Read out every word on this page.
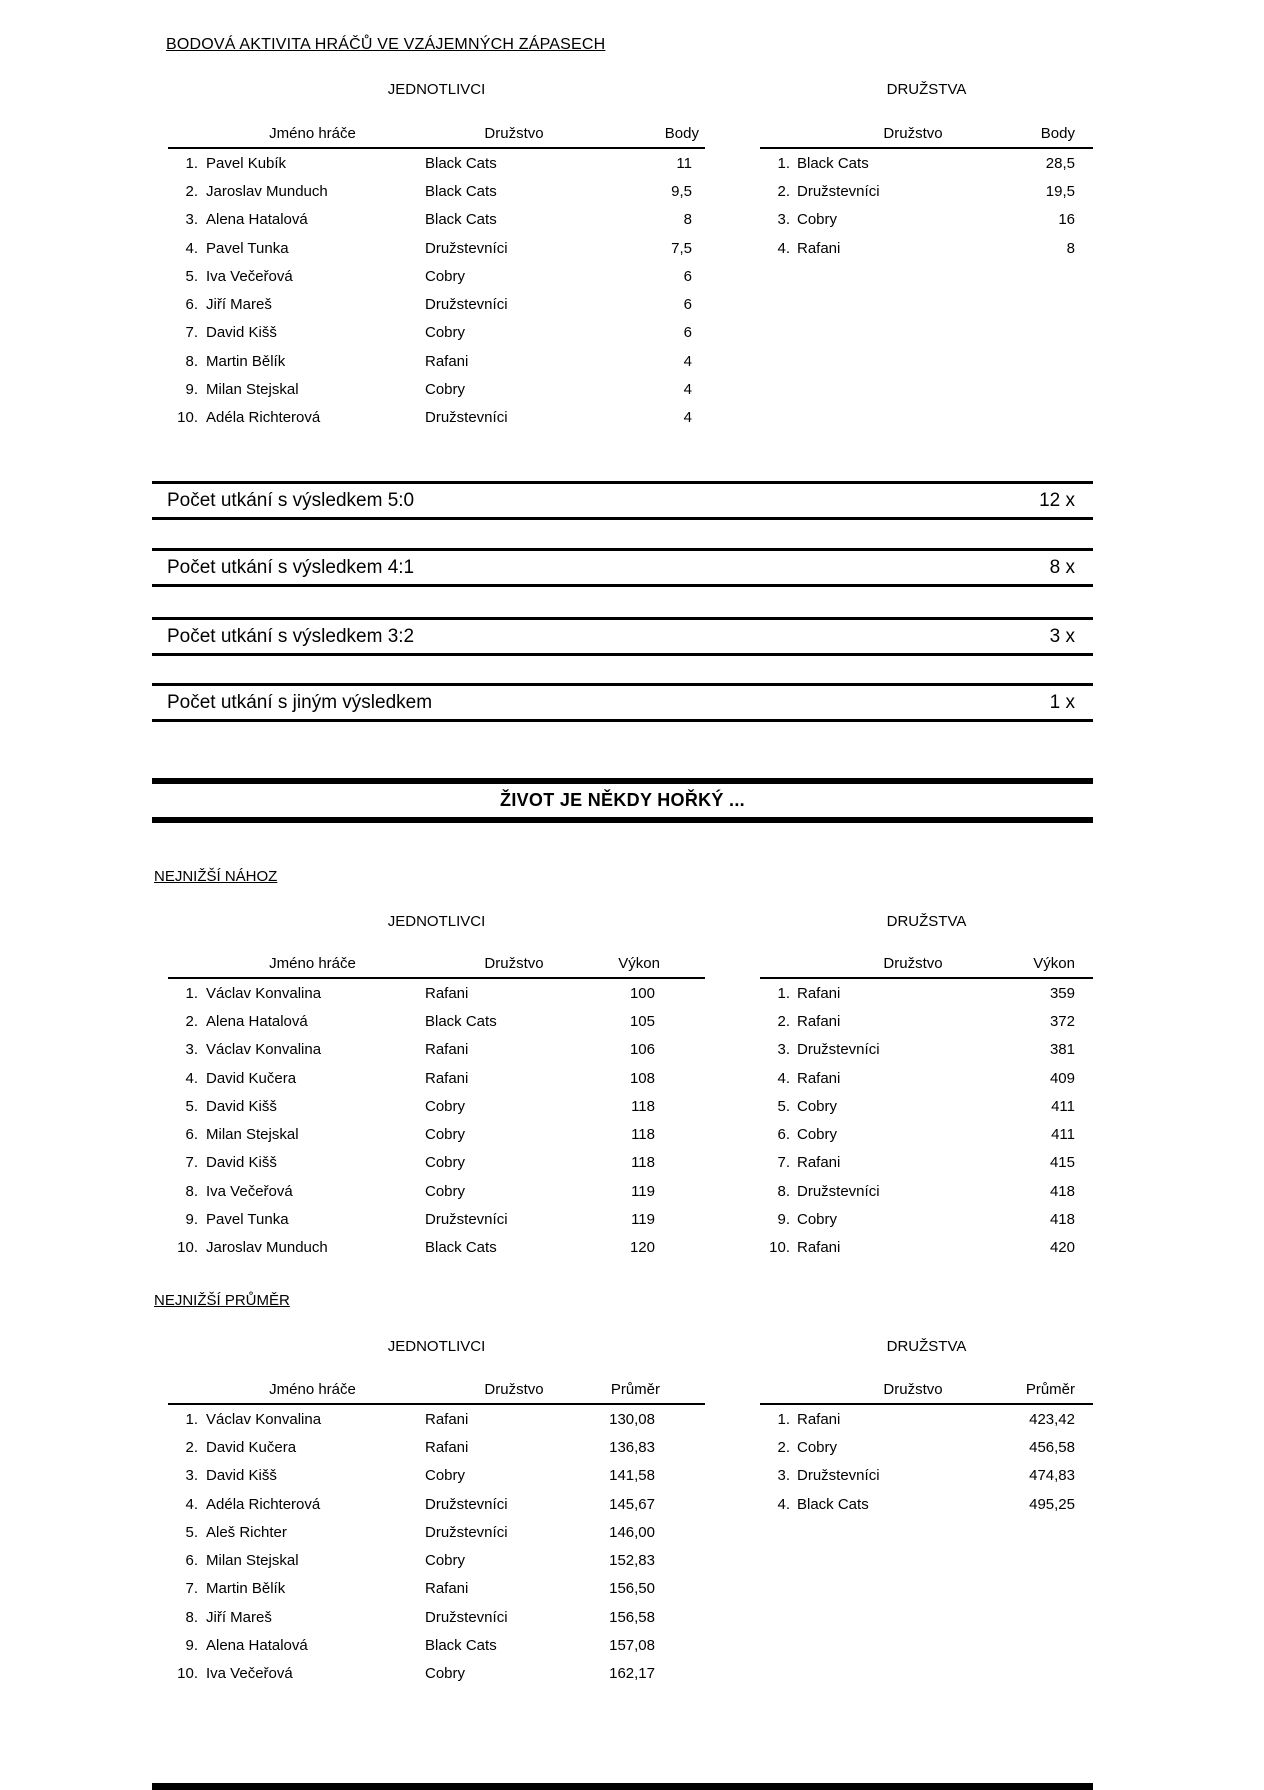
BODOVÁ AKTIVITA HRÁČŮ VE VZÁJEMNÝCH ZÁPASECH
JEDNOTLIVCI	DRUŽSTVA
	Jméno hráče	Družstvo	Body
1.	Pavel Kubík	Black Cats	11
2.	Jaroslav Munduch	Black Cats	9,5
3.	Alena Hatalová	Black Cats	8
4.	Pavel Tunka	Družstevníci	7,5
5.	Iva Večeřová	Cobry	6
6.	Jiří Mareš	Družstevníci	6
7.	David Kišš	Cobry	6
8.	Martin Bělík	Rafani	4
9.	Milan Stejskal	Cobry	4
10.	Adéla Richterová	Družstevníci	4
	Družstvo	Body
1.	Black Cats	28,5
2.	Družstevníci	19,5
3.	Cobry	16
4.	Rafani	8
Počet utkání s výsledkem 5:0	12 x
Počet utkání s výsledkem 4:1	8 x
Počet utkání s výsledkem 3:2	3 x
Počet utkání s jiným výsledkem	1 x
ŽIVOT JE NĚKDY HOŘKÝ ...
NEJNIŽŠÍ NÁHOZ
JEDNOTLIVCI	DRUŽSTVA
	Jméno hráče	Družstvo	Výkon
1.	Václav Konvalina	Rafani	100
2.	Alena Hatalová	Black Cats	105
3.	Václav Konvalina	Rafani	106
4.	David Kučera	Rafani	108
5.	David Kišš	Cobry	118
6.	Milan Stejskal	Cobry	118
7.	David Kišš	Cobry	118
8.	Iva Večeřová	Cobry	119
9.	Pavel Tunka	Družstevníci	119
10.	Jaroslav Munduch	Black Cats	120
	Družstvo	Výkon
1.	Rafani	359
2.	Rafani	372
3.	Družstevníci	381
4.	Rafani	409
5.	Cobry	411
6.	Cobry	411
7.	Rafani	415
8.	Družstevníci	418
9.	Cobry	418
10.	Rafani	420
NEJNIŽŠÍ PRŮMĚR
JEDNOTLIVCI	DRUŽSTVA
	Jméno hráče	Družstvo	Průměr
1.	Václav Konvalina	Rafani	130,08
2.	David Kučera	Rafani	136,83
3.	David Kišš	Cobry	141,58
4.	Adéla Richterová	Družstevníci	145,67
5.	Aleš Richter	Družstevníci	146,00
6.	Milan Stejskal	Cobry	152,83
7.	Martin Bělík	Rafani	156,50
8.	Jiří Mareš	Družstevníci	156,58
9.	Alena Hatalová	Black Cats	157,08
10.	Iva Večeřová	Cobry	162,17
	Družstvo	Průměr
1.	Rafani	423,42
2.	Cobry	456,58
3.	Družstevníci	474,83
4.	Black Cats	495,25
